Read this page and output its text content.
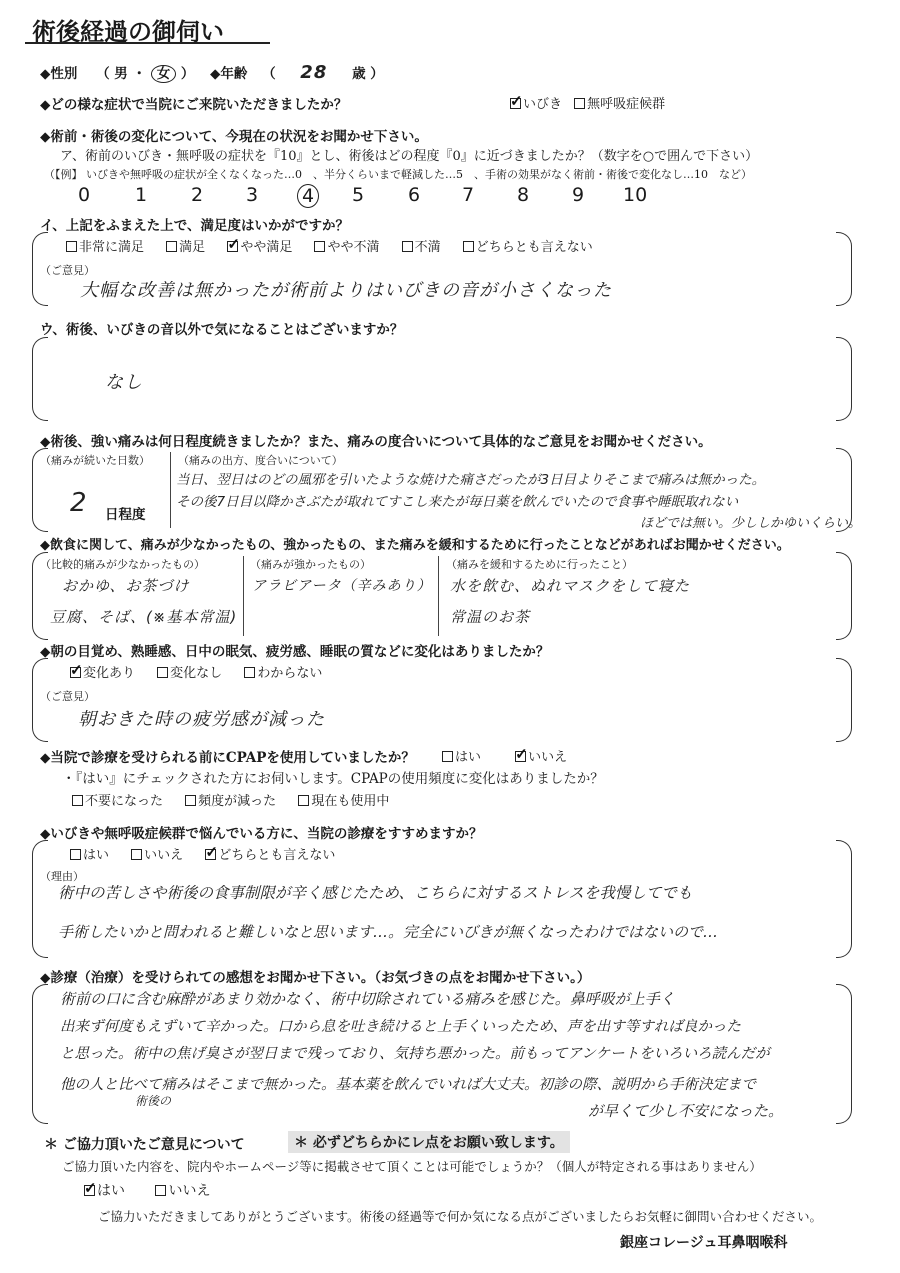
術後経過の御伺い
◆性別 （ 男 ・ 女 ） ◆年齢 （ 28 歳 ）
◆どの様な症状で当院にご来院いただきましたか？ ✓	いびき 無呼吸症候群
◆術前・術後の変化について、今現在の状況をお聞かせ下さい。
ア、術前のいびき・無呼吸の症状を『10』とし、術後はどの程度『0』に近づきましたか？（数字を○で囲んで下さい）
（【例】 いびきや無呼吸の症状が全くなくなった…0　、半分くらいまで軽減した…5　、手術の効果がなく術前・術後で変化なし…10　など）
0 1 2 3 4 5 6 7 8 9 10
イ、上記をふまえた上で、満足度はいかがですか？
非常に満足	満足 ✓	やや満足	やや不満	不満	どちらとも言えない
（ご意見）
大幅な改善は無かったが術前よりはいびきの音が小さくなった
ウ、術後、いびきの音以外で気になることはございますか？
なし
◆術後、強い痛みは何日程度続きましたか？また、痛みの度合いについて具体的なご意見をお聞かせください。
（痛みが続いた日数）
2 日程度
（痛みの出方、度合いについて）
当日、翌日はのどの風邪を引いたような焼けた痛さだったが3日目よりそこまで痛みは無かった。
その後7日目以降かさぶたが取れてすこし来たが毎日薬を飲んでいたので食事や睡眠取れない
ほどでは無い。少ししかゆいくらい。
◆飲食に関して、痛みが少なかったもの、強かったもの、また痛みを緩和するために行ったことなどがあればお聞かせください。
（比較的痛みが少なかったもの）
おかゆ、お茶づけ
豆腐、そば、(※基本常温)
（痛みが強かったもの）
アラビアータ（辛みあり）
（痛みを緩和するために行ったこと）
水を飲む、ぬれマスクをして寝た
常温のお茶
◆朝の目覚め、熟睡感、日中の眠気、疲労感、睡眠の質などに変化はありましたか？
✓変化あり	変化なし	わからない
（ご意見）
朝おきた時の疲労感が減った
◆当院で診療を受けられる前にCPAPを使用していましたか？	はい ✓	いいえ
・『はい』にチェックされた方にお伺いします。CPAPの使用頻度に変化はありましたか？
不要になった	頻度が減った	現在も使用中
◆いびきや無呼吸症候群で悩んでいる方に、当院の診療をすすめますか？
はい	いいえ ✓	どちらとも言えない
（理由）
術中の苦しさや術後の食事制限が辛く感じたため、こちらに対するストレスを我慢してでも
手術したいかと問われると難しいなと思います…。完全にいびきが無くなったわけではないので…
◆診療（治療）を受けられての感想をお聞かせ下さい。（お気づきの点をお聞かせ下さい。）
術前の口に含む麻酔があまり効かなく、術中切除されている痛みを感じた。鼻呼吸が上手く
出来ず何度もえずいて辛かった。口から息を吐き続けると上手くいったため、声を出す等すれば良かった
と思った。術中の焦げ臭さが翌日まで残っており、気持ち悪かった。前もってアンケートをいろいろ読んだが
他の人と比べて痛みはそこまで無かった。基本薬を飲んでいれば大丈夫。初診の際、説明から手術決定まで
術後の
が早くて少し不安になった。
＊ ご協力頂いたご意見について	＊ 必ずどちらかにレ点をお願い致します。
ご協力頂いた内容を、院内やホームページ等に掲載させて頂くことは可能でしょうか？（個人が特定される事はありません）
✓はい	いいえ
ご協力いただきましてありがとうございます。術後の経過等で何か気になる点がございましたらお気軽に御問い合わせください。
銀座コレージュ耳鼻咽喉科
